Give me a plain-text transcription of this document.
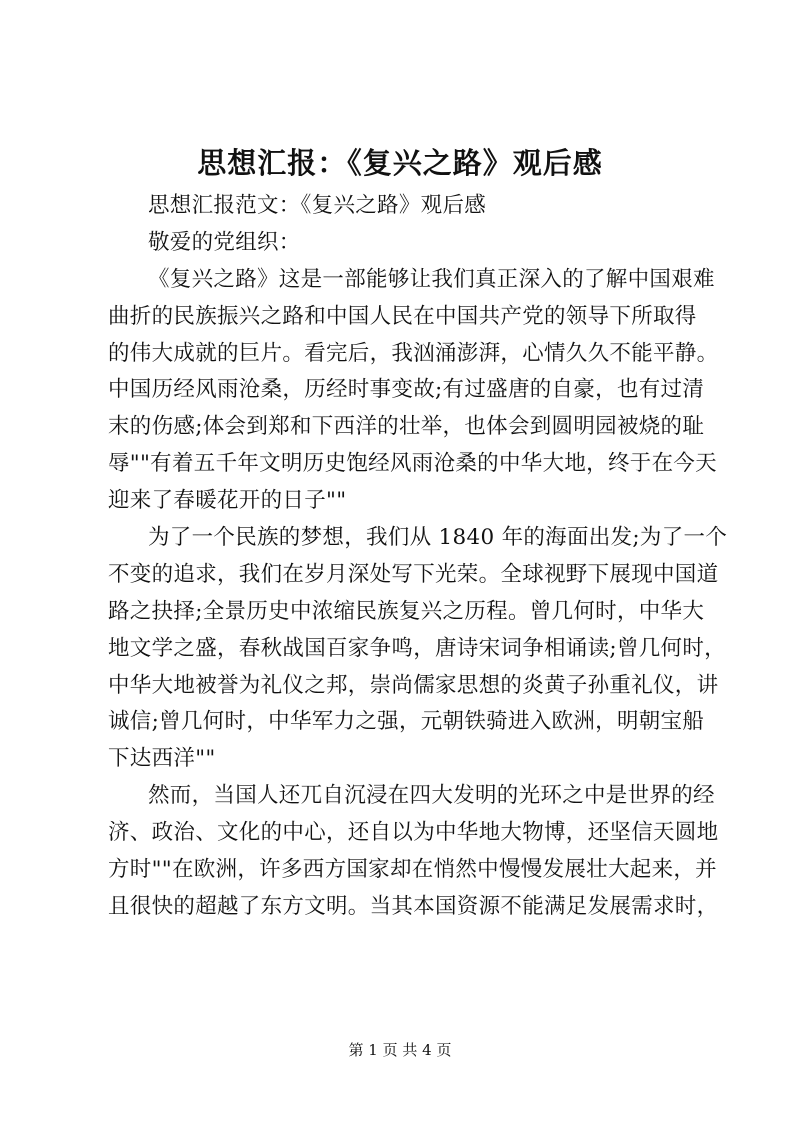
思想汇报：《复兴之路》观后感
思想汇报范文：《复兴之路》观后感
敬爱的党组织：
《复兴之路》这是一部能够让我们真正深入的了解中国艰难
曲折的民族振兴之路和中国人民在中国共产党的领导下所取得
的伟大成就的巨片。看完后，我汹涌澎湃，心情久久不能平静。
中国历经风雨沧桑，历经时事变故;有过盛唐的自豪，也有过清
末的伤感;体会到郑和下西洋的壮举，也体会到圆明园被烧的耻
辱""有着五千年文明历史饱经风雨沧桑的中华大地，终于在今天
迎来了春暖花开的日子""
为了一个民族的梦想，我们从 1840 年的海面出发;为了一个
不变的追求，我们在岁月深处写下光荣。全球视野下展现中国道
路之抉择;全景历史中浓缩民族复兴之历程。曾几何时，中华大
地文学之盛，春秋战国百家争鸣，唐诗宋词争相诵读;曾几何时，
中华大地被誉为礼仪之邦，崇尚儒家思想的炎黄子孙重礼仪，讲
诚信;曾几何时，中华军力之强，元朝铁骑进入欧洲，明朝宝船
下达西洋""
然而，当国人还兀自沉浸在四大发明的光环之中是世界的经
济、政治、文化的中心，还自以为中华地大物博，还坚信天圆地
方时""在欧洲，许多西方国家却在悄然中慢慢发展壮大起来，并
且很快的超越了东方文明。当其本国资源不能满足发展需求时，
第 1 页 共 4 页
